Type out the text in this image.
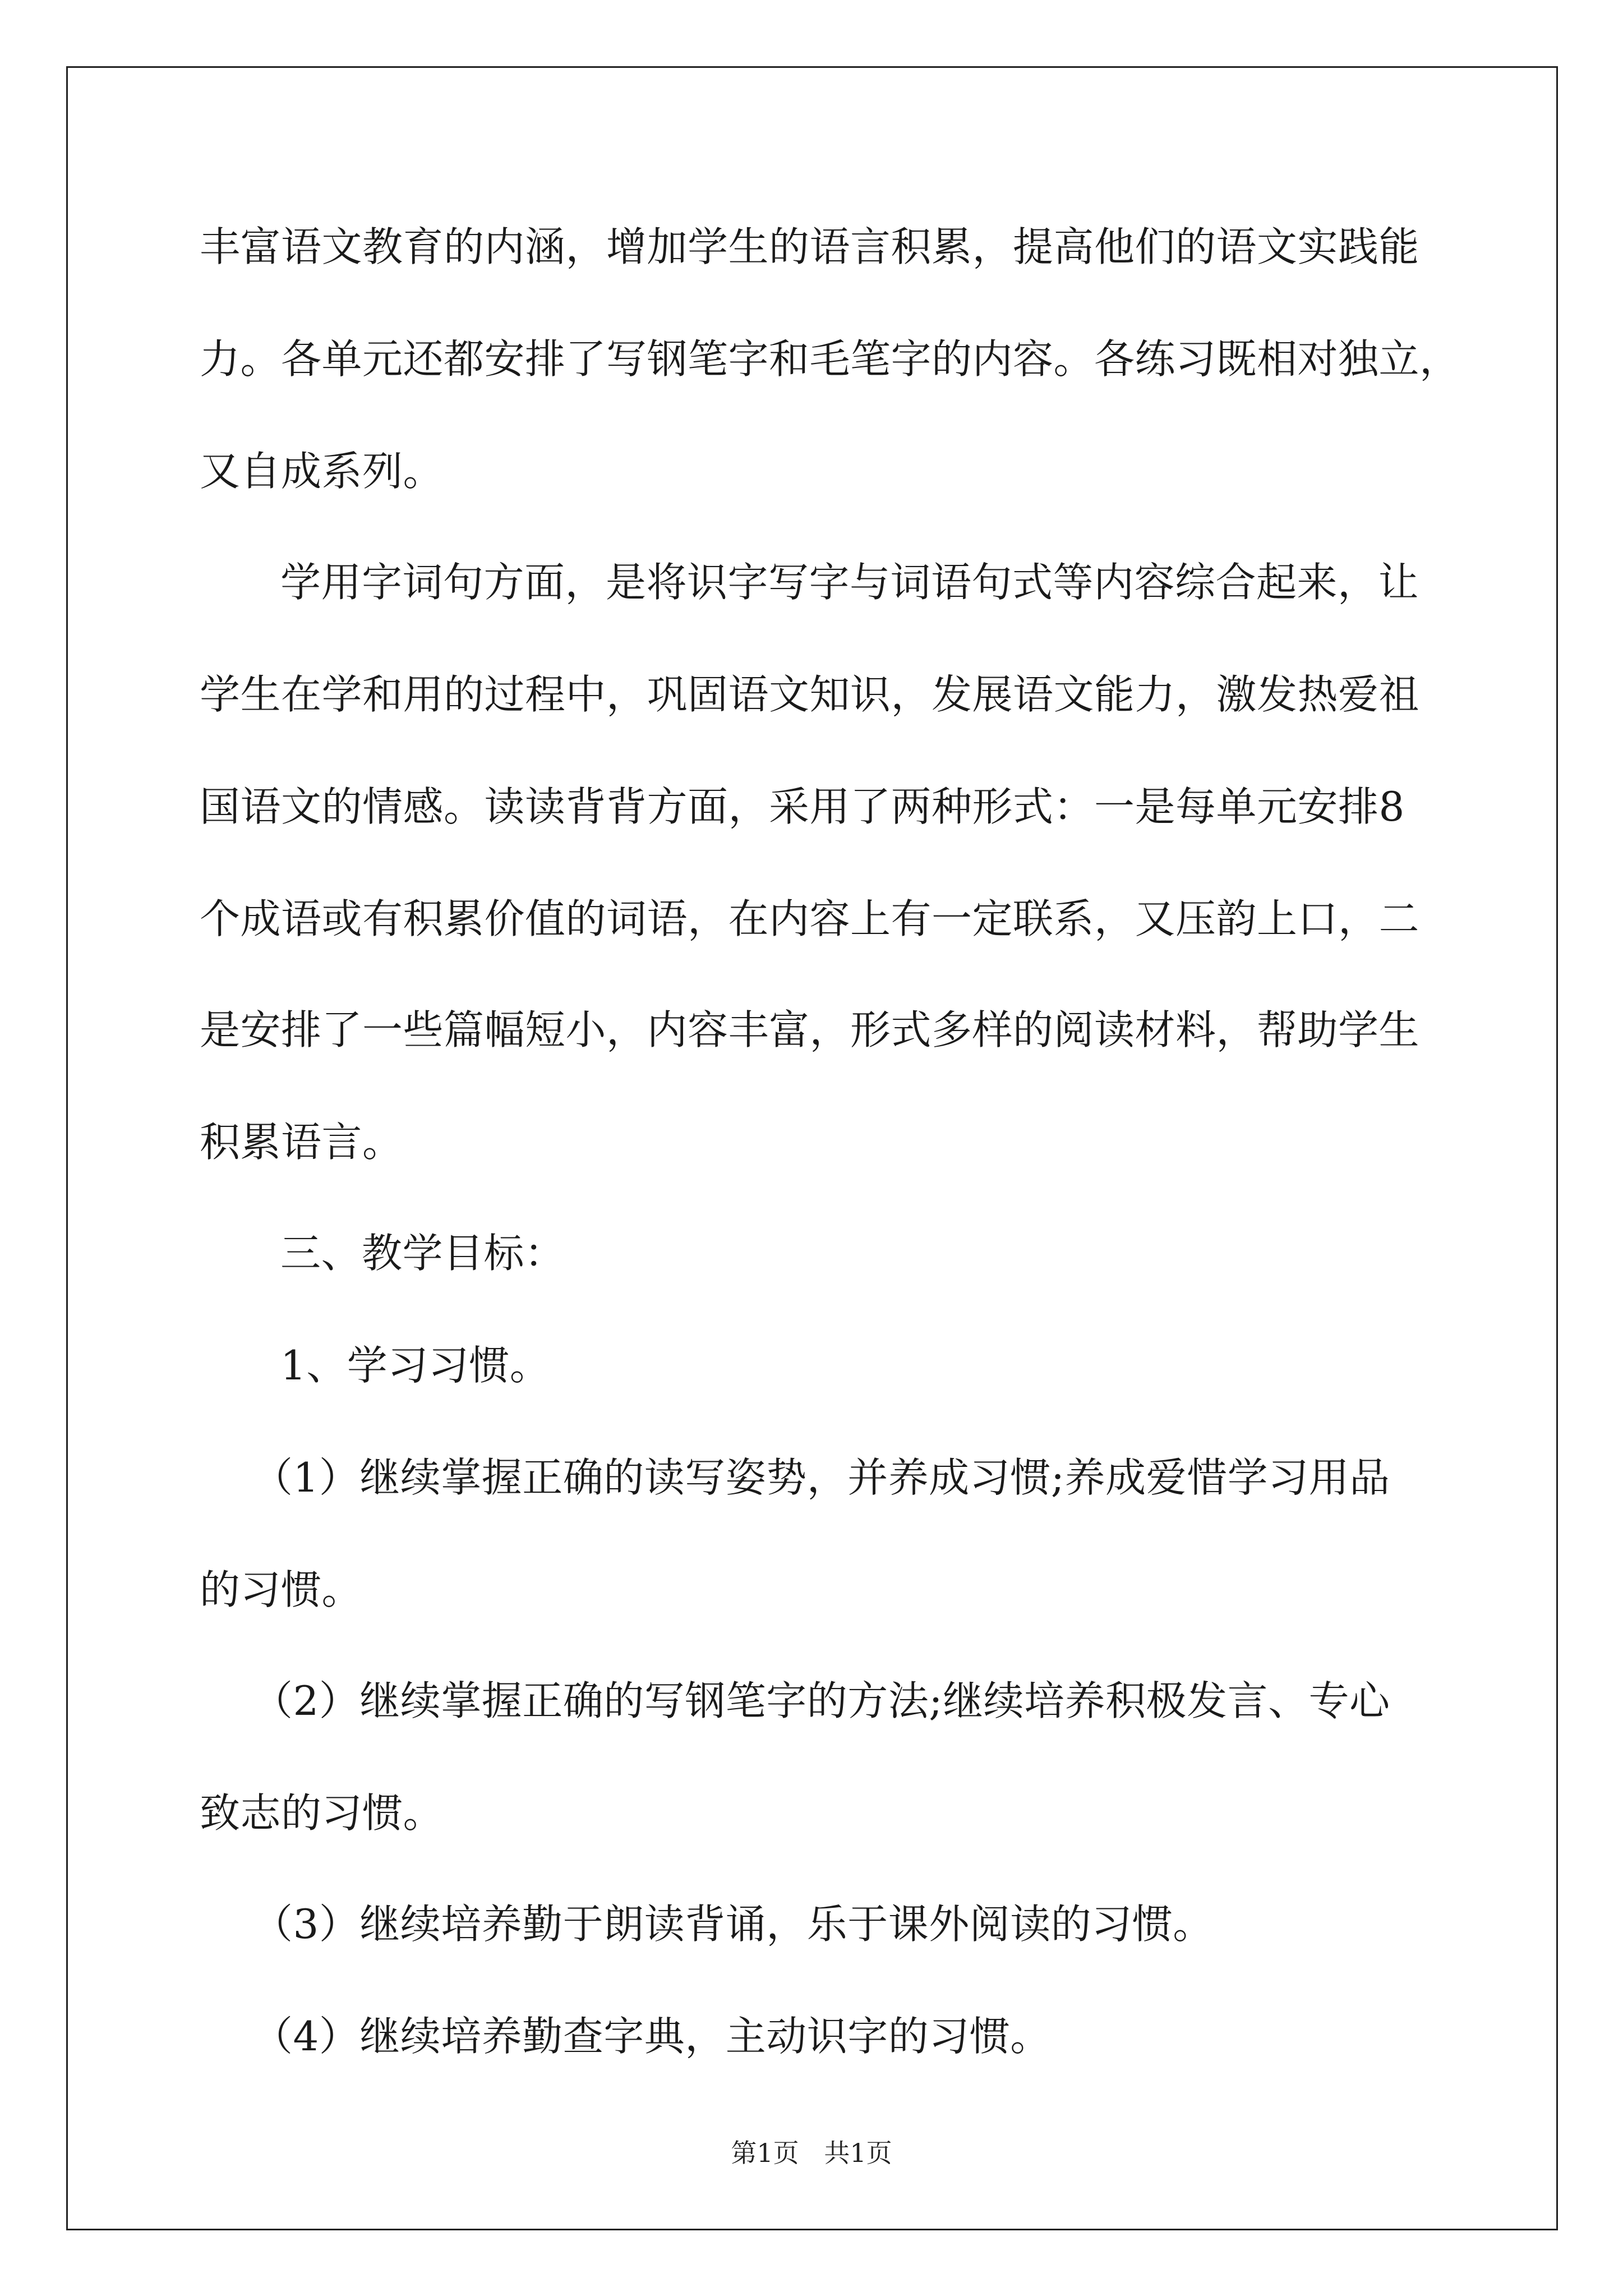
丰富语文教育的内涵，增加学生的语言积累，提高他们的语文实践能
力。各单元还都安排了写钢笔字和毛笔字的内容。各练习既相对独立，
又自成系列。
学用字词句方面，是将识字写字与词语句式等内容综合起来，让
学生在学和用的过程中，巩固语文知识，发展语文能力，激发热爱祖
国语文的情感。读读背背方面，采用了两种形式：一是每单元安排8
个成语或有积累价值的词语，在内容上有一定联系，又压韵上口，二
是安排了一些篇幅短小，内容丰富，形式多样的阅读材料，帮助学生
积累语言。
三、教学目标：
1、学习习惯。
（1）继续掌握正确的读写姿势，并养成习惯;养成爱惜学习用品
的习惯。
（2）继续掌握正确的写钢笔字的方法;继续培养积极发言、专心
致志的习惯。
（3）继续培养勤于朗读背诵，乐于课外阅读的习惯。
（4）继续培养勤查字典，主动识字的习惯。
第1页 共1页
